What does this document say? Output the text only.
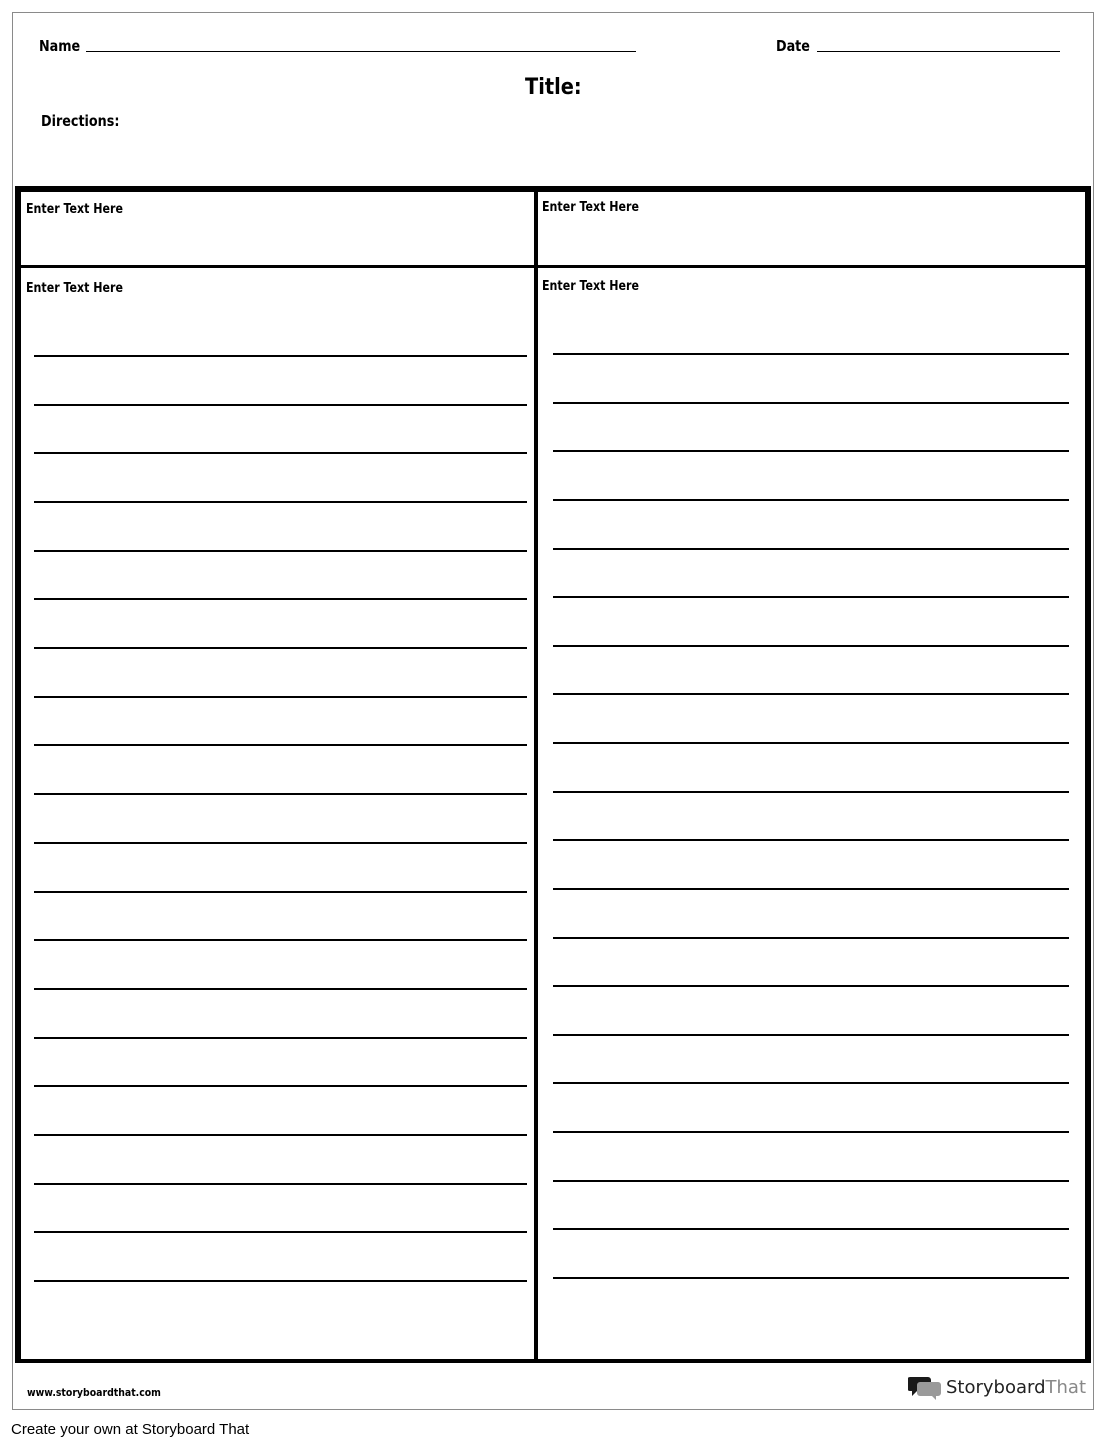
Name	Date
Title:
Directions:
Enter Text Here	Enter Text Here
Enter Text Here	Enter Text Here
www.storyboardthat.com	StoryboardThat
Create your own at Storyboard That
